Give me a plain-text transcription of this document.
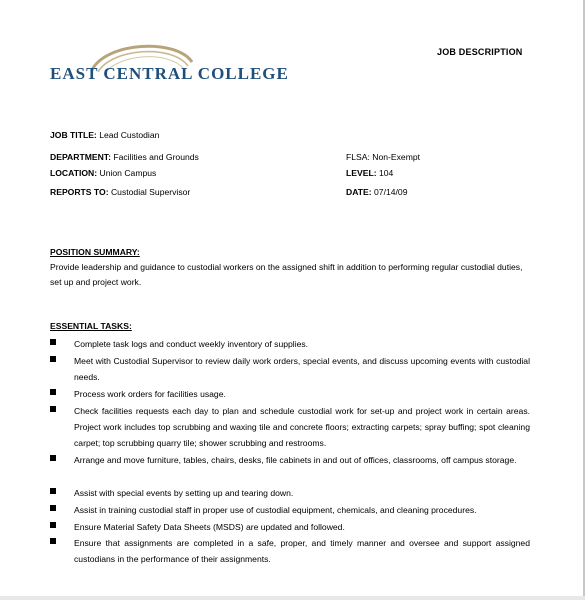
EAST CENTRAL COLLEGE
JOB DESCRIPTION
JOB TITLE: Lead Custodian
DEPARTMENT: Facilities and Grounds	FLSA: Non-Exempt
LOCATION: Union Campus	LEVEL: 104
REPORTS TO: Custodial Supervisor	DATE: 07/14/09
POSITION SUMMARY:
Provide leadership and guidance to custodial workers on the assigned shift in addition to performing regular custodial duties, set up and project work.
ESSENTIAL TASKS:
Complete task logs and conduct weekly inventory of supplies.
Meet with Custodial Supervisor to review daily work orders, special events, and discuss upcoming events with custodial needs.
Process work orders for facilities usage.
Check facilities requests each day to plan and schedule custodial work for set-up and project work in certain areas. Project work includes top scrubbing and waxing tile and concrete floors; extracting carpets; spray buffing; spot cleaning carpet; top scrubbing quarry tile; shower scrubbing and restrooms.
Arrange and move furniture, tables, chairs, desks, file cabinets in and out of offices, classrooms, off campus storage.
Assist with special events by setting up and tearing down.
Assist in training custodial staff in proper use of custodial equipment, chemicals, and cleaning procedures.
Ensure Material Safety Data Sheets (MSDS) are updated and followed.
Ensure that assignments are completed in a safe, proper, and timely manner and oversee and support assigned custodians in the performance of their assignments.
